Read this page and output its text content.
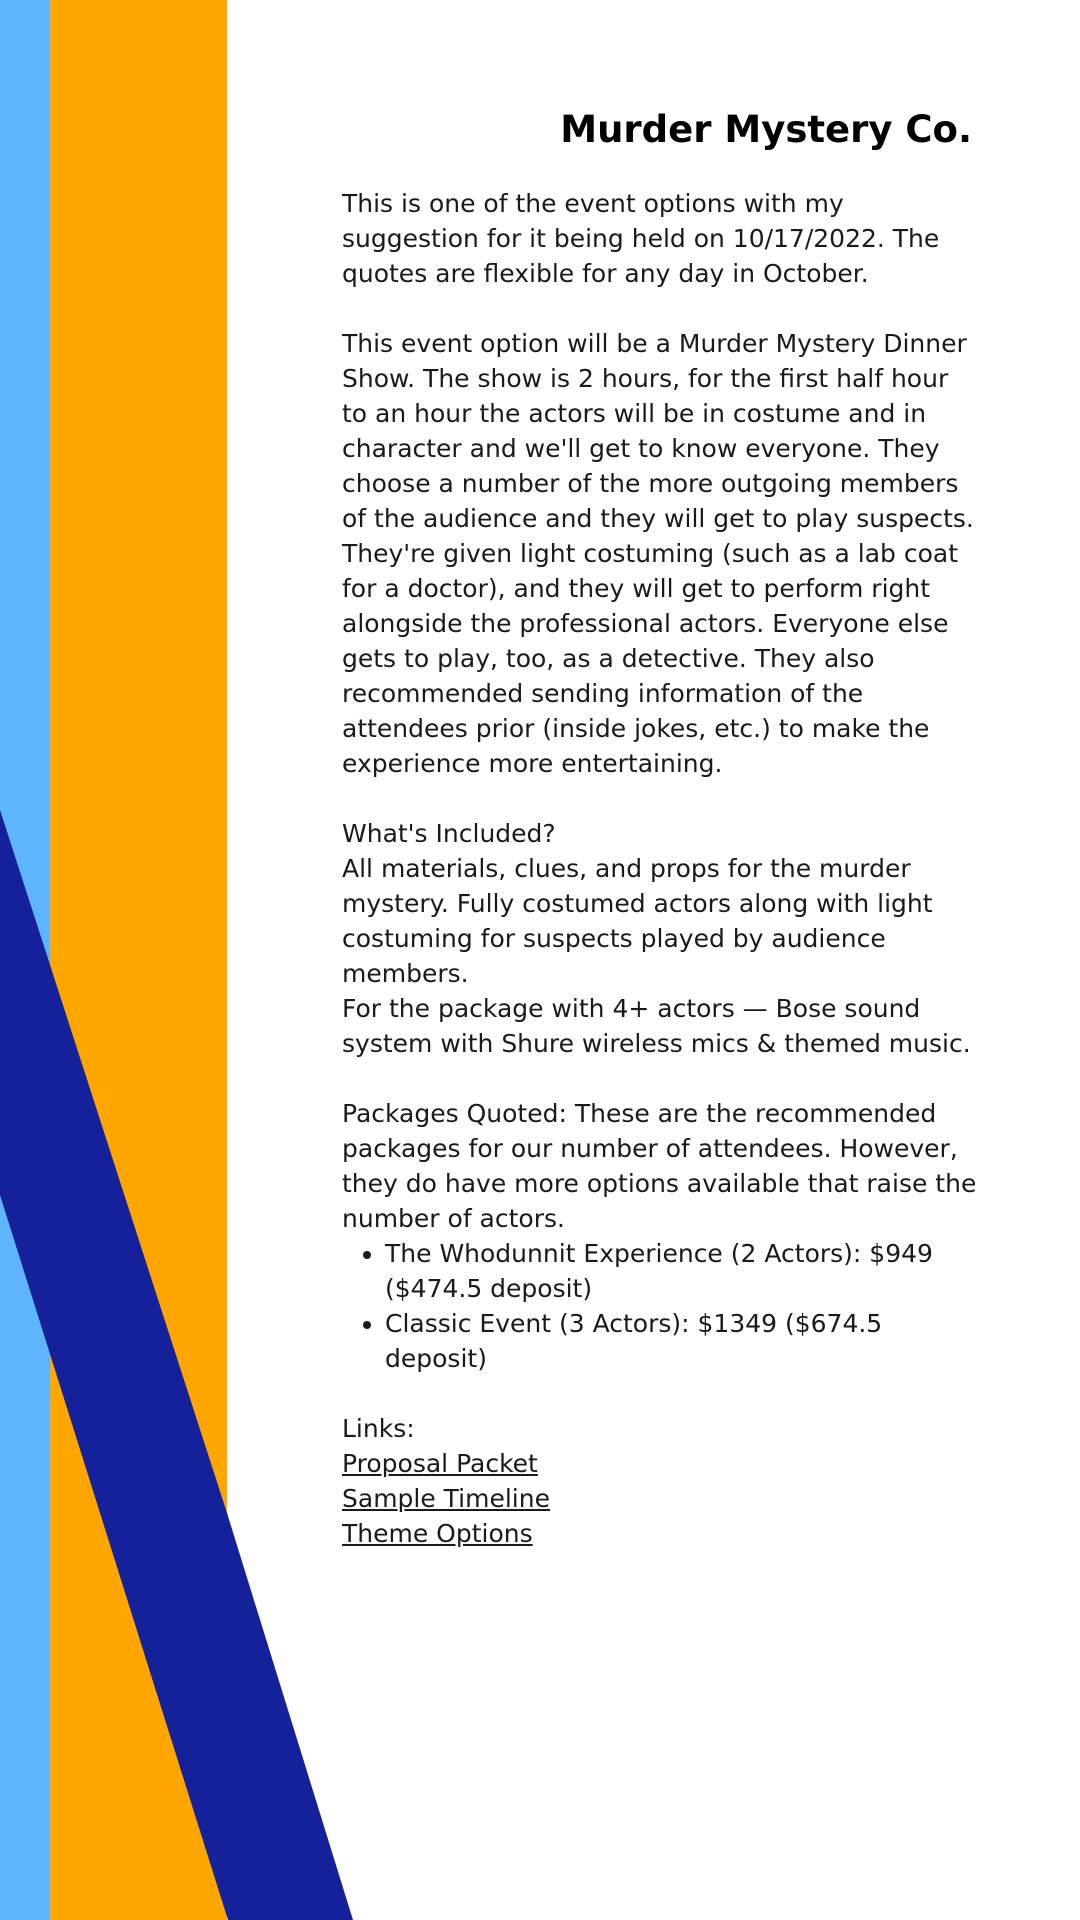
Murder Mystery Co.

This is one of the event options with my suggestion for it being held on 10/17/2022. The quotes are flexible for any day in October.

This event option will be a Murder Mystery Dinner Show. The show is 2 hours, for the first half hour to an hour the actors will be in costume and in character and we'll get to know everyone. They choose a number of the more outgoing members of the audience and they will get to play suspects. They're given light costuming (such as a lab coat for a doctor), and they will get to perform right alongside the professional actors. Everyone else gets to play, too, as a detective. They also recommended sending information of the attendees prior (inside jokes, etc.) to make the experience more entertaining.

What's Included?

All materials, clues, and props for the murder mystery. Fully costumed actors along with light costuming for suspects played by audience members.

For the package with 4+ actors — Bose sound system with Shure wireless mics & themed music.

Packages Quoted: These are the recommended packages for our number of attendees. However, they do have more options available that raise the number of actors.

• The Whodunnit Experience (2 Actors): $949 ($474.5 deposit)
• Classic Event (3 Actors): $1349 ($674.5 deposit)

Links:

Proposal Packet
Sample Timeline
Theme Options
